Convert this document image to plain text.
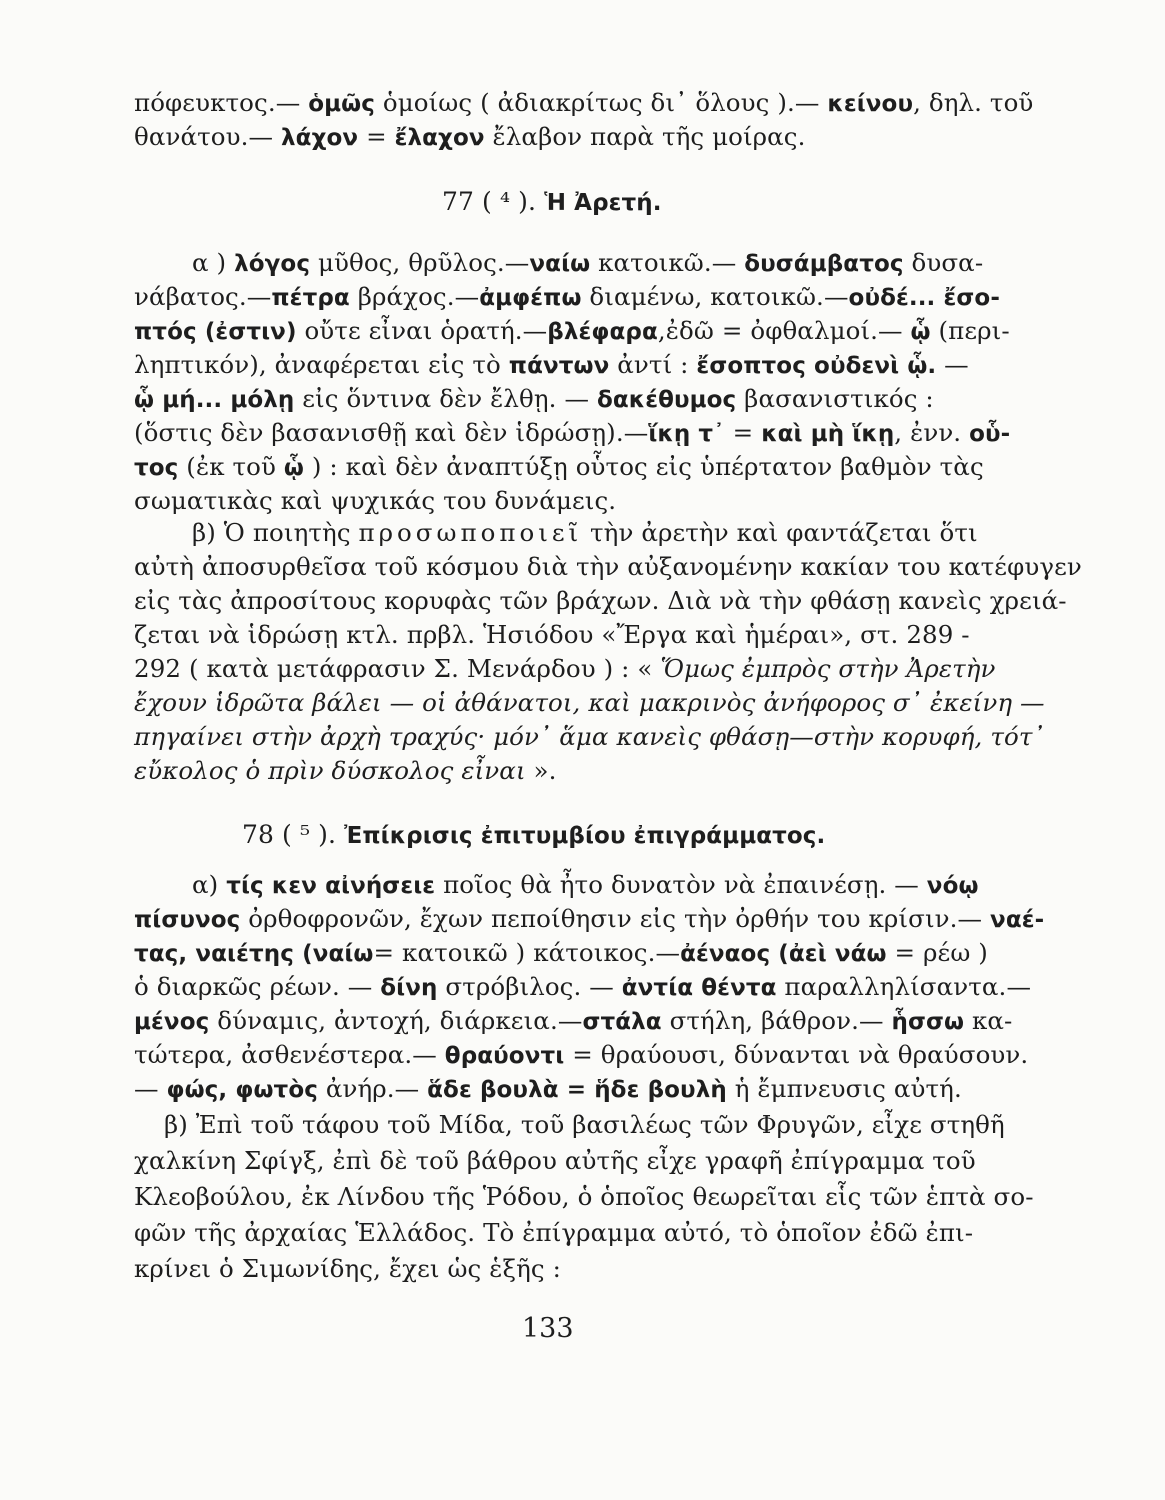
πόφευκτος.— ὁμῶς ὁμοίως ( ἀδιακρίτως δι᾽ ὅλους ).— κείνου, δηλ. τοῦ
θανάτου.— λάχον = ἔλαχον ἔλαβον παρὰ τῆς μοίρας.
77 ( ⁴ ). Ἡ Ἀρετή.
α ) λόγος μῦθος, θρῦλος.—ναίω κατοικῶ.— δυσάμβατος δυσα-
νάβατος.—πέτρα βράχος.—ἀμφέπω διαμένω, κατοικῶ.—οὐδέ... ἔσο-
πτός (ἐστιν) οὔτε εἶναι ὁρατή.—βλέφαρα,ἐδῶ = ὀφθαλμοί.— ᾧ (περι-
ληπτικόν), ἀναφέρεται εἰς τὸ πάντων ἀντί : ἔσοπτος οὐδενὶ ᾧ. —
ᾧ μή... μόλῃ εἰς ὅντινα δὲν ἔλθῃ. — δακέθυμος βασανιστικός :
(ὅστις δὲν βασανισθῇ καὶ δὲν ἱδρώσῃ).—ἵκῃ τ᾽ = καὶ μὴ ἵκῃ, ἐνν. οὗ-
τος (ἐκ τοῦ ᾧ ) : καὶ δὲν ἀναπτύξῃ οὗτος εἰς ὑπέρτατον βαθμὸν τὰς
σωματικὰς καὶ ψυχικάς του δυνάμεις.
β) Ὁ ποιητὴς προσωποποιεῖ τὴν ἀρετὴν καὶ φαντάζεται ὅτι
αὐτὴ ἀποσυρθεῖσα τοῦ κόσμου διὰ τὴν αὐξανομένην κακίαν του κατέφυγεν
εἰς τὰς ἀπροσίτους κορυφὰς τῶν βράχων. Διὰ νὰ τὴν φθάσῃ κανεὶς χρειά-
ζεται νὰ ἱδρώσῃ κτλ. πρβλ. Ἡσιόδου «Ἔργα καὶ ἡμέραι», στ. 289 -
292 ( κατὰ μετάφρασιν Σ. Μενάρδου ) : « Ὅμως ἐμπρὸς στὴν Ἀρετὴν
ἔχουν ἱδρῶτα βάλει — οἱ ἀθάνατοι, καὶ μακρινὸς ἀνήφορος σ᾽ ἐκείνη —
πηγαίνει στὴν ἀρχὴ τραχύς· μόν᾽ ἅμα κανεὶς φθάσῃ—στὴν κορυφή, τότ᾽
εὔκολος ὁ πρὶν δύσκολος εἶναι ».
78 ( ⁵ ). Ἐπίκρισις ἐπιτυμβίου ἐπιγράμματος.
α) τίς κεν αἰνήσειε ποῖος θὰ ἦτο δυνατὸν νὰ ἐπαινέσῃ. — νόῳ
πίσυνος ὀρθοφρονῶν, ἔχων πεποίθησιν εἰς τὴν ὀρθήν του κρίσιν.— ναέ-
τας, ναιέτης (ναίω= κατοικῶ ) κάτοικος.—ἀέναος (ἀεὶ νάω = ρέω )
ὁ διαρκῶς ρέων. — δίνη στρόβιλος. — ἀντία θέντα παραλληλίσαντα.—
μένος δύναμις, ἀντοχή, διάρκεια.—στάλα στήλη, βάθρον.— ἧσσω κα-
τώτερα, ἀσθενέστερα.— θραύοντι = θραύουσι, δύνανται νὰ θραύσουν.
— φώς, φωτὸς ἀνήρ.— ἅδε βουλὰ = ἥδε βουλὴ ἡ ἔμπνευσις αὐτή.
β) Ἐπὶ τοῦ τάφου τοῦ Μίδα, τοῦ βασιλέως τῶν Φρυγῶν, εἶχε στηθῆ
χαλκίνη Σφίγξ, ἐπὶ δὲ τοῦ βάθρου αὐτῆς εἶχε γραφῆ ἐπίγραμμα τοῦ
Κλεοβούλου, ἐκ Λίνδου τῆς Ῥόδου, ὁ ὁποῖος θεωρεῖται εἷς τῶν ἑπτὰ σο-
φῶν τῆς ἀρχαίας Ἑλλάδος. Τὸ ἐπίγραμμα αὐτό, τὸ ὁποῖον ἐδῶ ἐπι-
κρίνει ὁ Σιμωνίδης, ἔχει ὡς ἑξῆς :
133
